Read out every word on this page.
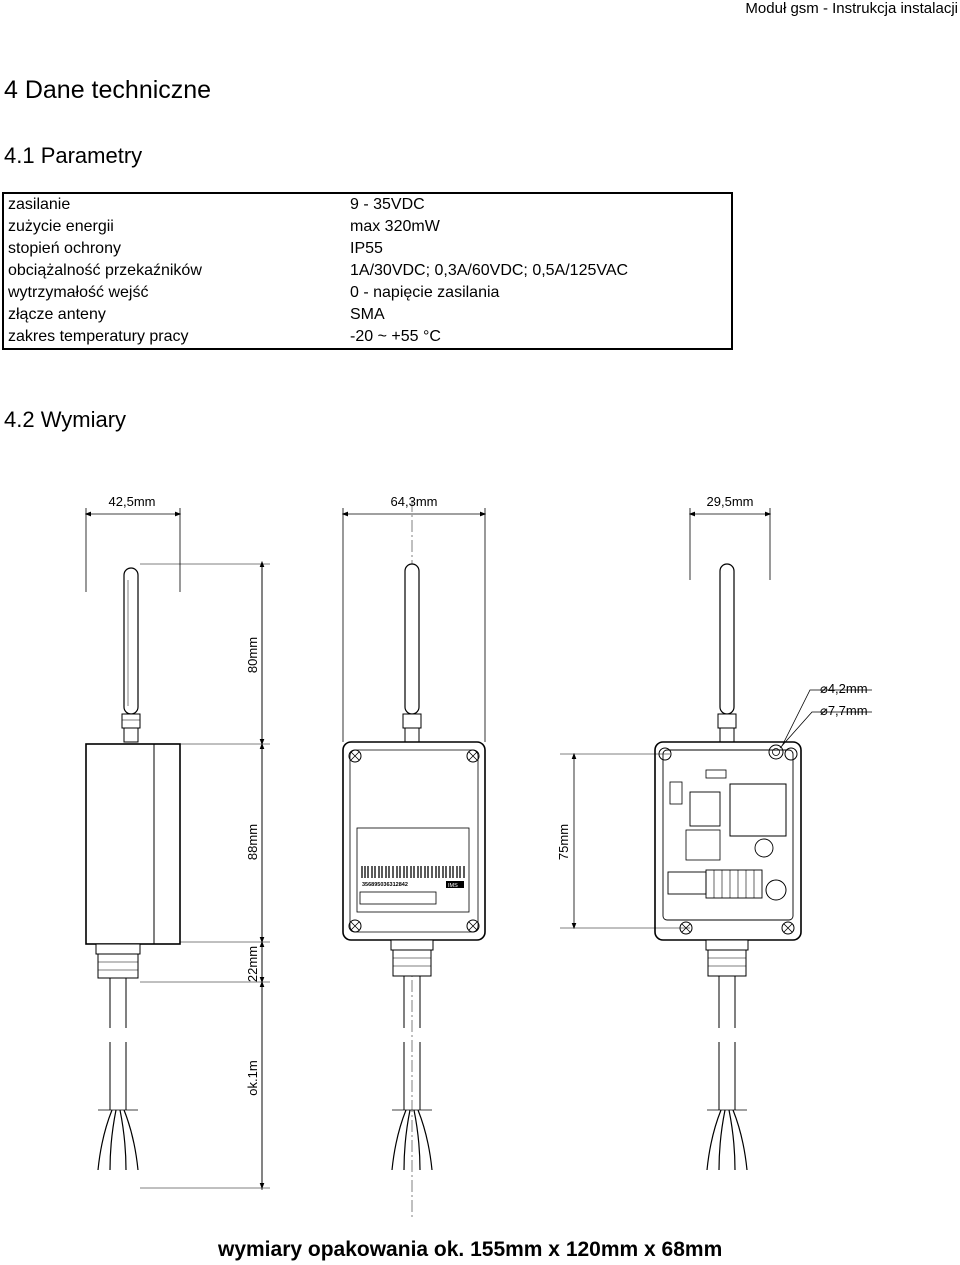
Moduł gsm - Instrukcja instalacji
4 Dane techniczne
4.1 Parametry
zasilanie	9 - 35VDC
zużycie energii	max 320mW
stopień ochrony	IP55
obciążalność przekaźników	1A/30VDC; 0,3A/60VDC; 0,5A/125VAC
wytrzymałość wejść	0 - napięcie zasilania
złącze anteny	SMA
zakres temperatury pracy	-20 ~ +55 °C
4.2 Wymiary
42,5mm	64,3mm	29,5mm
80mm
88mm
22mm
ok.1m
75mm
⌀4,2mm
⌀7,7mm
356895036312842	IMS
wymiary opakowania ok. 155mm x 120mm x 68mm
